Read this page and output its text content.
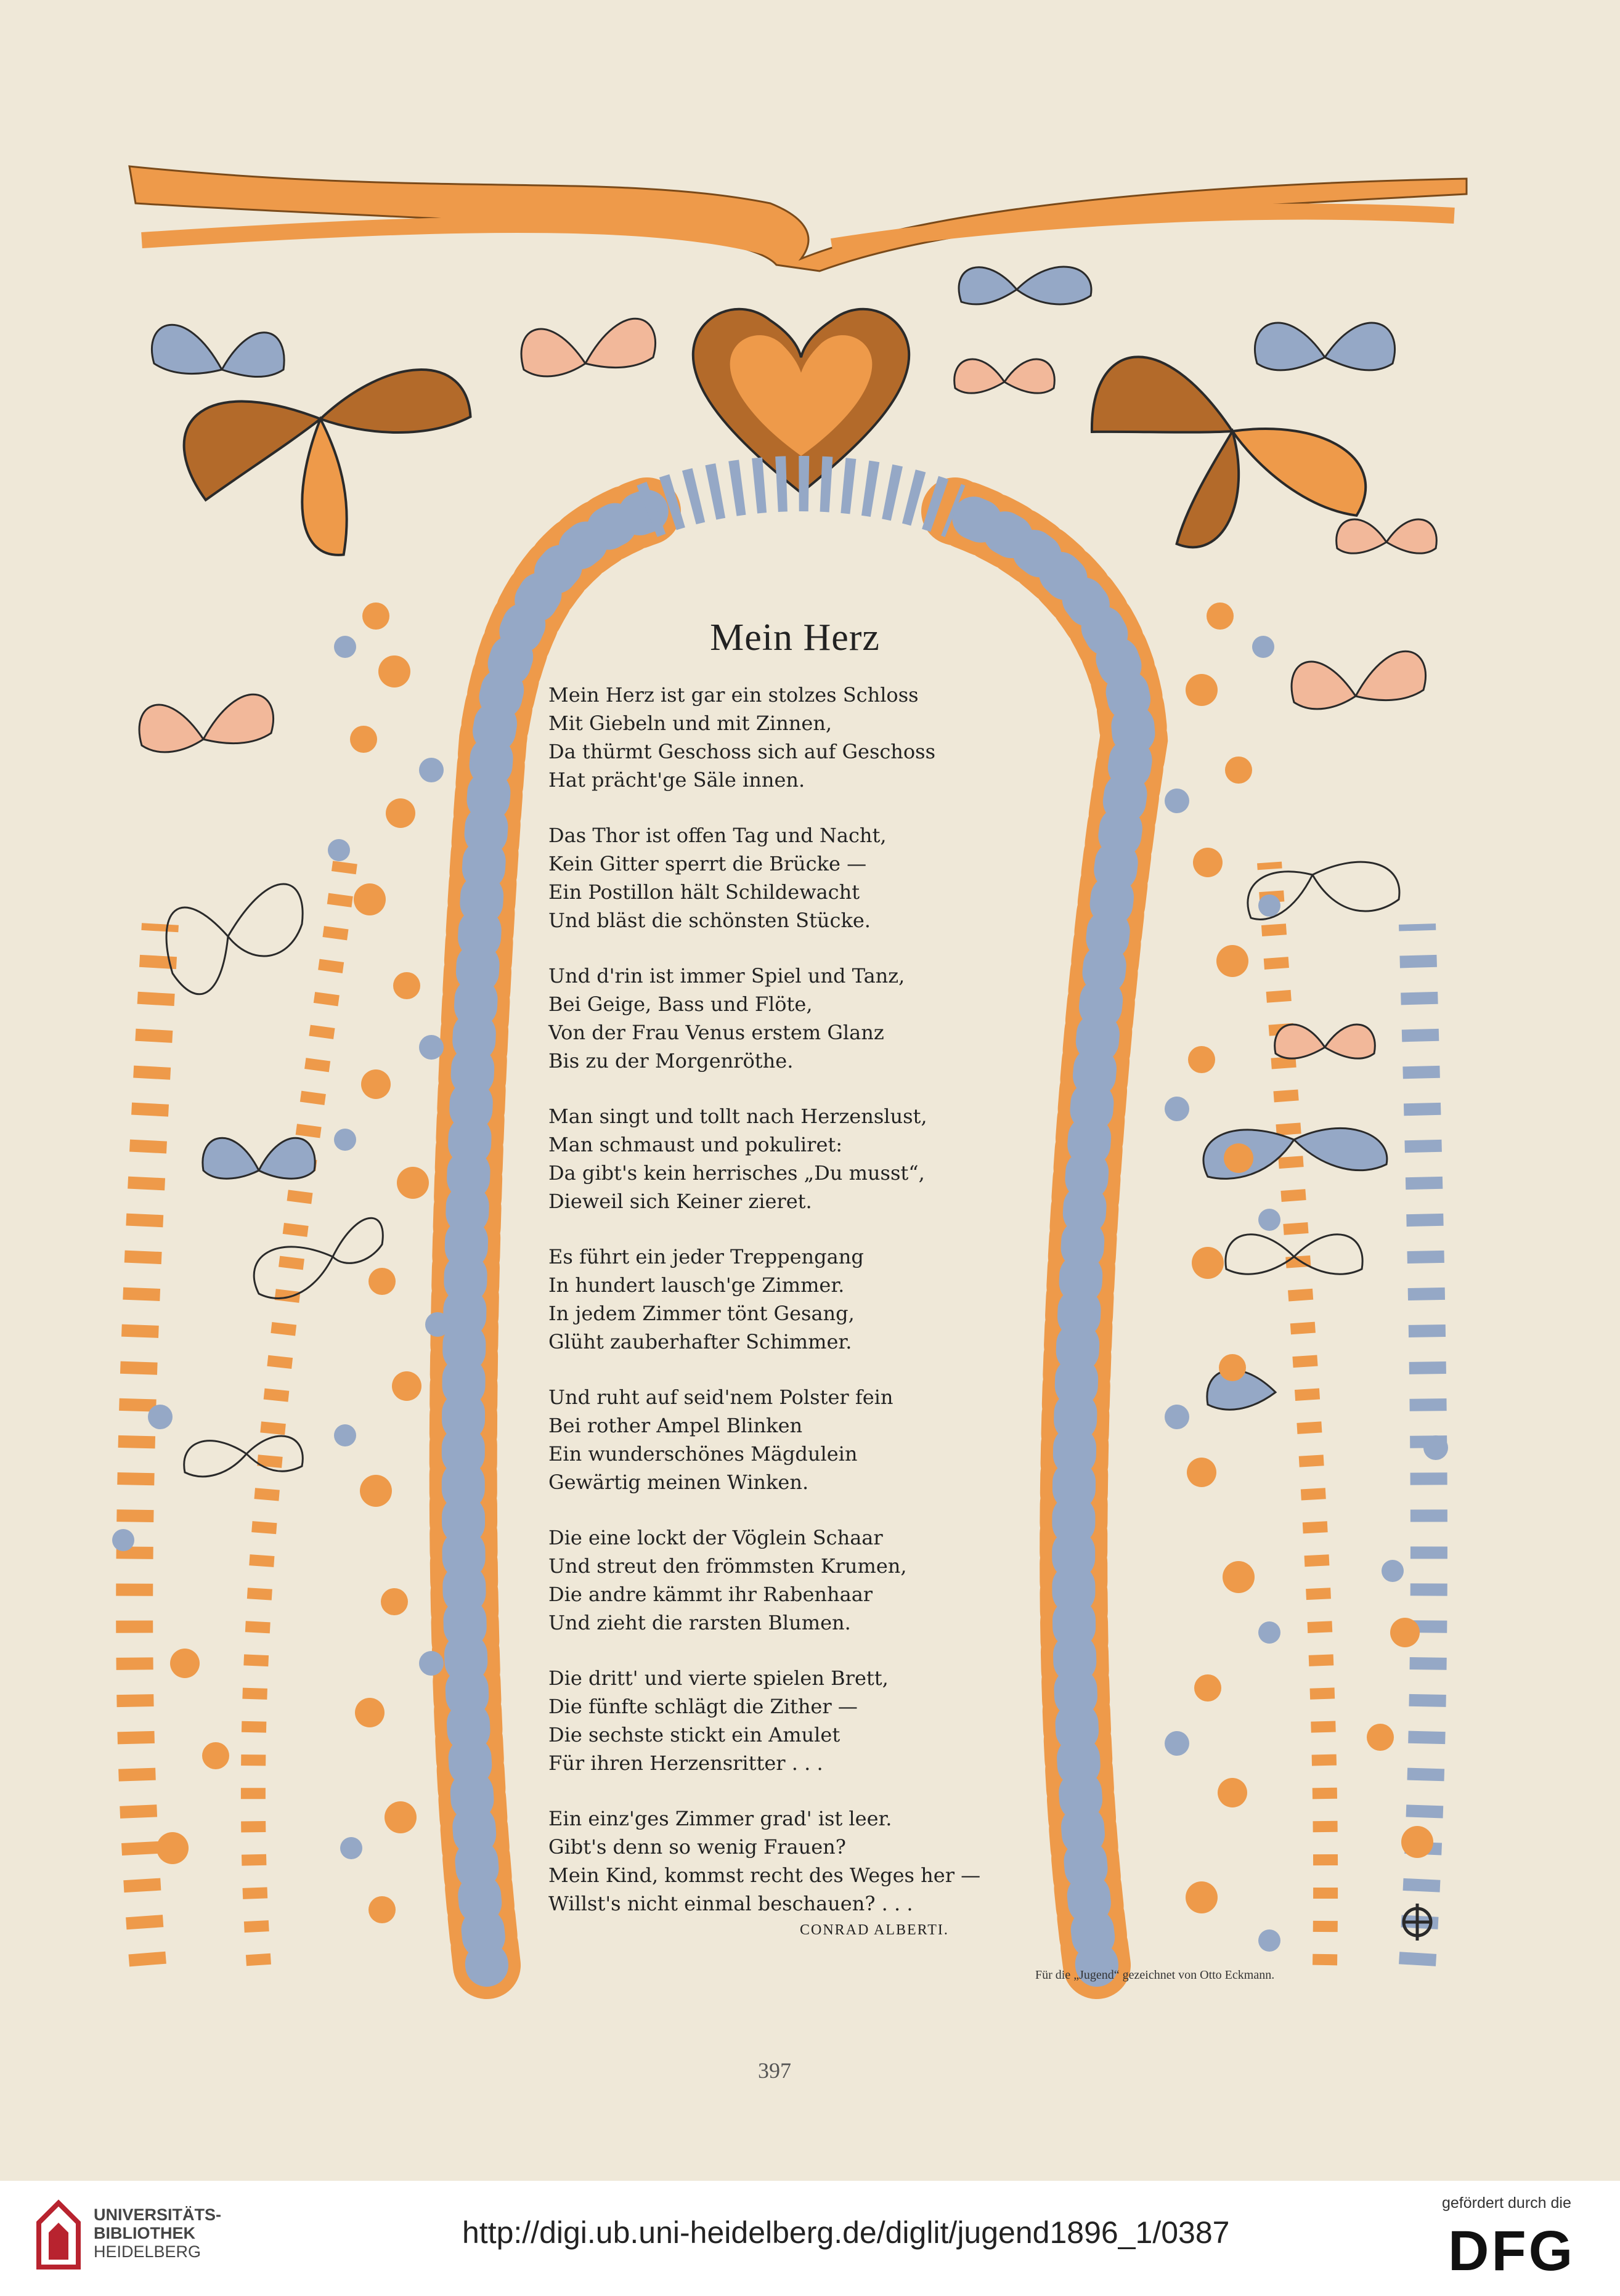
Mein Herz
Mein Herz ist gar ein stolzes Schloss
Mit Giebeln und mit Zinnen,
Da thürmt Geschoss sich auf Geschoss
Hat prächt'ge Säle innen.
Das Thor ist offen Tag und Nacht,
Kein Gitter sperrt die Brücke —
Ein Postillon hält Schildewacht
Und bläst die schönsten Stücke.
Und d'rin ist immer Spiel und Tanz,
Bei Geige, Bass und Flöte,
Von der Frau Venus erstem Glanz
Bis zu der Morgenröthe.
Man singt und tollt nach Herzenslust,
Man schmaust und pokuliret:
Da gibt's kein herrisches „Du musst“,
Dieweil sich Keiner zieret.
Es führt ein jeder Treppengang
In hundert lausch'ge Zimmer.
In jedem Zimmer tönt Gesang,
Glüht zauberhafter Schimmer.
Und ruht auf seid'nem Polster fein
Bei rother Ampel Blinken
Ein wunderschönes Mägdulein
Gewärtig meinen Winken.
Die eine lockt der Vöglein Schaar
Und streut den frömmsten Krumen,
Die andre kämmt ihr Rabenhaar
Und zieht die rarsten Blumen.
Die dritt' und vierte spielen Brett,
Die fünfte schlägt die Zither —
Die sechste stickt ein Amulet
Für ihren Herzensritter . . .
Ein einz'ges Zimmer grad' ist leer.
Gibt's denn so wenig Frauen?
Mein Kind, kommst recht des Weges her —
Willst's nicht einmal beschauen? . . .
CONRAD ALBERTI.
Für die „Jugend“ gezeichnet von Otto Eckmann.
397
UNIVERSITÄTS-
BIBLIOTHEK
HEIDELBERG
http://digi.ub.uni-heidelberg.de/diglit/jugend1896_1/0387
gefördert durch die
DFG
